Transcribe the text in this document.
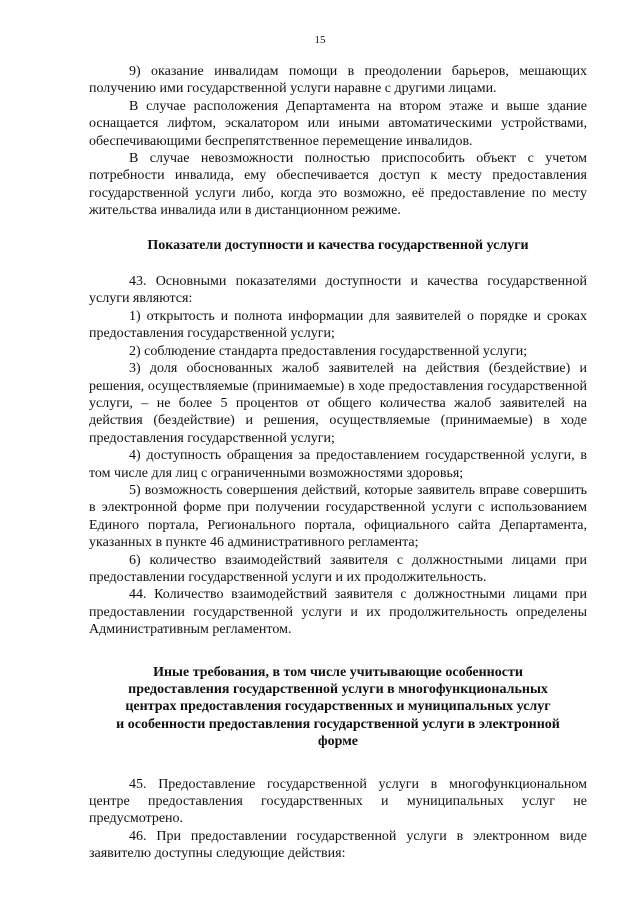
15

9) оказание инвалидам помощи в преодолении барьеров, мешающих получению ими государственной услуги наравне с другими лицами.

В случае расположения Департамента на втором этаже и выше здание оснащается лифтом, эскалатором или иными автоматическими устройствами, обеспечивающими беспрепятственное перемещение инвалидов.

В случае невозможности полностью приспособить объект с учетом потребности инвалида, ему обеспечивается доступ к месту предоставления государственной услуги либо, когда это возможно, её предоставление по месту жительства инвалида или в дистанционном режиме.

Показатели доступности и качества государственной услуги

43. Основными показателями доступности и качества государственной услуги являются:

1) открытость и полнота информации для заявителей о порядке и сроках предоставления государственной услуги;

2) соблюдение стандарта предоставления государственной услуги;

3) доля обоснованных жалоб заявителей на действия (бездействие) и решения, осуществляемые (принимаемые) в ходе предоставления государственной услуги, – не более 5 процентов от общего количества жалоб заявителей на действия (бездействие) и решения, осуществляемые (принимаемые) в ходе предоставления государственной услуги;

4) доступность обращения за предоставлением государственной услуги, в том числе для лиц с ограниченными возможностями здоровья;

5) возможность совершения действий, которые заявитель вправе совершить в электронной форме при получении государственной услуги с использованием Единого портала, Регионального портала, официального сайта Департамента, указанных в пункте 46 административного регламента;

6) количество взаимодействий заявителя с должностными лицами при предоставлении государственной услуги и их продолжительность.

44. Количество взаимодействий заявителя с должностными лицами при предоставлении государственной услуги и их продолжительность определены Административным регламентом.

Иные требования, в том числе учитывающие особенности
предоставления государственной услуги в многофункциональных
центрах предоставления государственных и муниципальных услуг
и особенности предоставления государственной услуги в электронной
форме

45. Предоставление государственной услуги в многофункциональном центре предоставления государственных и муниципальных услуг не предусмотрено.

46. При предоставлении государственной услуги в электронном виде заявителю доступны следующие действия:
